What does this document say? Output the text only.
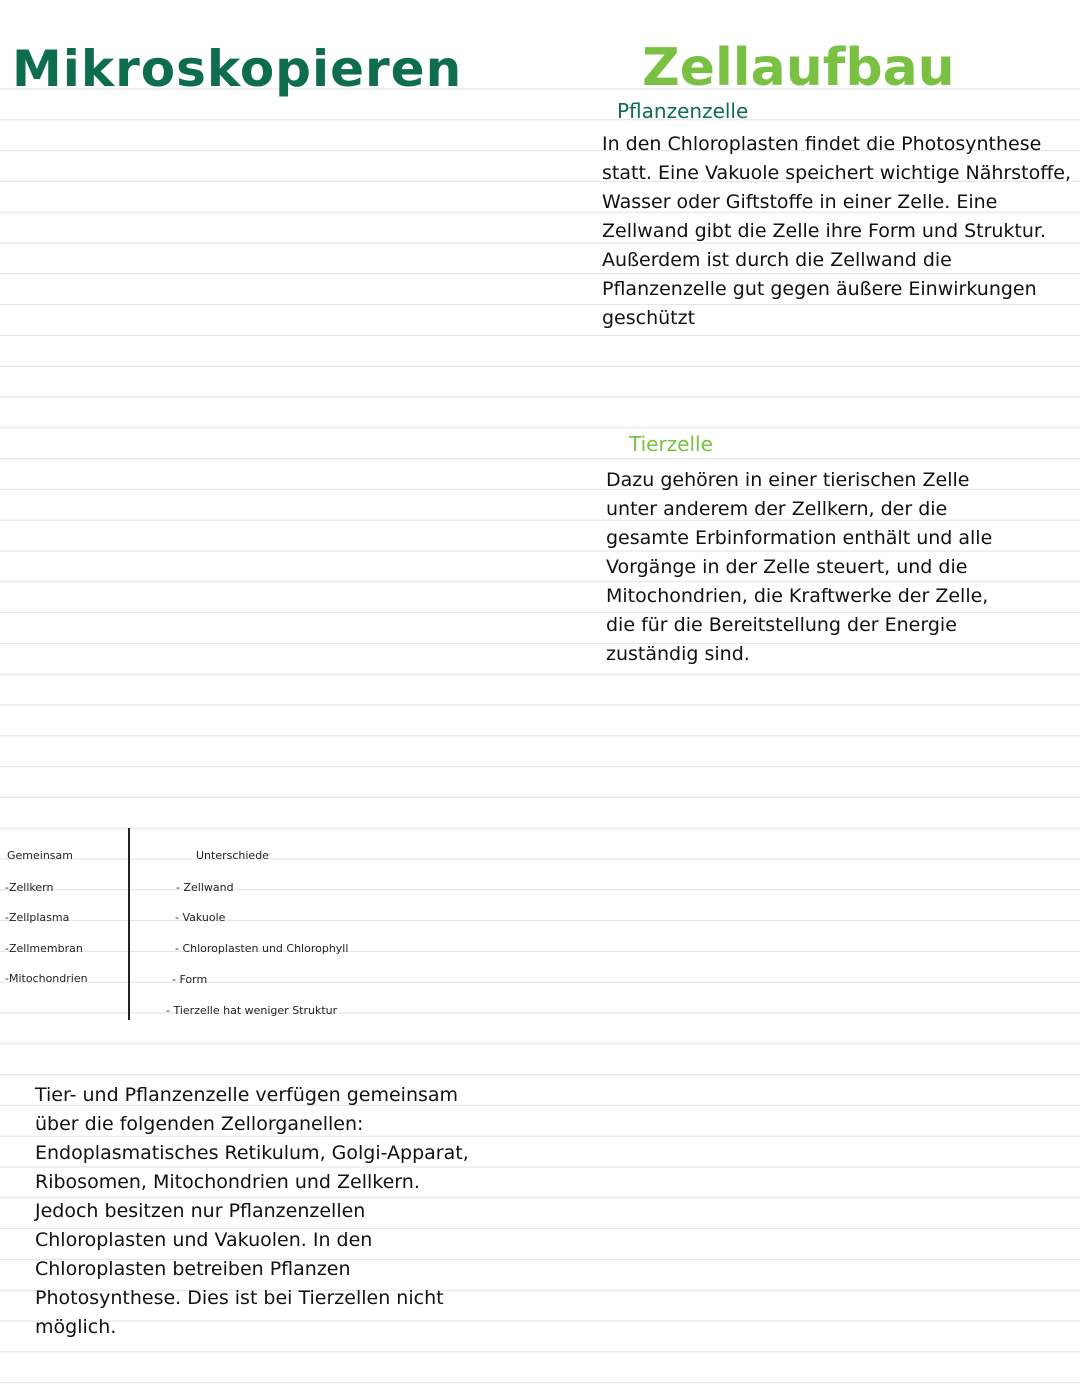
Mikroskopieren	Zellaufbau
Pflanzenzelle
In den Chloroplasten findet die Photosynthese
statt. Eine Vakuole speichert wichtige Nährstoffe,
Wasser oder Giftstoffe in einer Zelle. Eine
Zellwand gibt die Zelle ihre Form und Struktur.
Außerdem ist durch die Zellwand die
Pflanzenzelle gut gegen äußere Einwirkungen
geschützt
Tierzelle
Dazu gehören in einer tierischen Zelle
unter anderem der Zellkern, der die
gesamte Erbinformation enthält und alle
Vorgänge in der Zelle steuert, und die
Mitochondrien, die Kraftwerke der Zelle,
die für die Bereitstellung der Energie
zuständig sind.
Gemeinsam
-Zellkern
-Zellplasma
-Zellmembran
-Mitochondrien
Unterschiede
- Zellwand
- Vakuole
- Chloroplasten und Chlorophyll
- Form
- Tierzelle hat weniger Struktur
Tier- und Pflanzenzelle verfügen gemeinsam
über die folgenden Zellorganellen:
Endoplasmatisches Retikulum, Golgi-Apparat,
Ribosomen, Mitochondrien und Zellkern.
Jedoch besitzen nur Pflanzenzellen
Chloroplasten und Vakuolen. In den
Chloroplasten betreiben Pflanzen
Photosynthese. Dies ist bei Tierzellen nicht
möglich.
